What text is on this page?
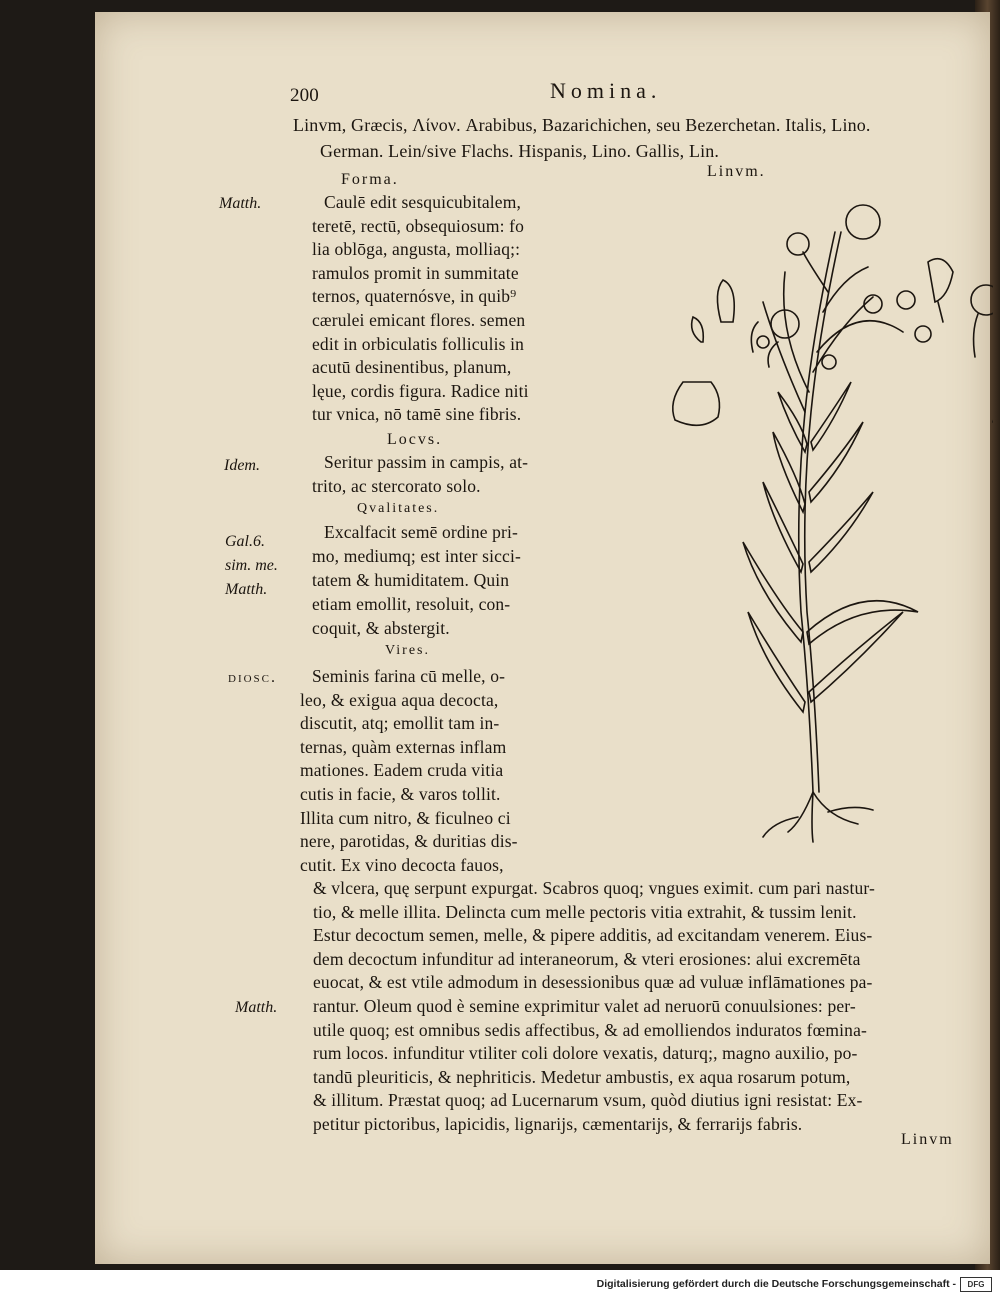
200	Nomina.
Linvm, Græcis, Λίνον. Arabibus, Bazarichichen, seu Bezerchetan. Italis, Lino.
German. Lein/sive Flachs. Hispanis, Lino. Gallis, Lin.
Forma.	Linvm.
Matth.
Idem.
Gal.6.
sim. me.
Matth.
diosc.
Matth.
Caulē edit sesquicubitalem,
teretē, rectū, obsequiosum: fo
lia oblōga, angusta, molliaq;:
ramulos promit in summitate
ternos, quaternósve, in quib⁹
cærulei emicant flores. semen
edit in orbiculatis folliculis in
acutū desinentibus, planum,
lęue, cordis figura. Radice niti
tur vnica, nō tamē sine fibris.
Locvs.
Seritur passim in campis, at-
trito, ac stercorato solo.
Qvalitates.
Excalfacit semē ordine pri-
mo, mediumq; est inter sicci-
tatem & humiditatem. Quin
etiam emollit, resoluit, con-
coquit, & abstergit.
Vires.
Seminis farina cū melle, o-
leo, & exigua aqua decocta,
discutit, atq; emollit tam in-
ternas, quàm externas inflam
mationes. Eadem cruda vitia
cutis in facie, & varos tollit.
Illita cum nitro, & ficulneo ci
nere, parotidas, & duritias dis-
cutit. Ex vino decocta fauos,
& vlcera, quę serpunt expurgat. Scabros quoq; vngues eximit. cum pari nastur-
tio, & melle illita. Delincta cum melle pectoris vitia extrahit, & tussim lenit.
Estur decoctum semen, melle, & pipere additis, ad excitandam venerem. Eius-
dem decoctum infunditur ad interaneorum, & vteri erosiones: alui excremēta
euocat, & est vtile admodum in desessionibus quæ ad vuluæ inflāmationes pa-
rantur. Oleum quod è semine exprimitur valet ad neruorū conuulsiones: per-
utile quoq; est omnibus sedis affectibus, & ad emolliendos induratos fœmina-
rum locos. infunditur vtiliter coli dolore vexatis, daturq;, magno auxilio, po-
tandū pleuriticis, & nephriticis. Medetur ambustis, ex aqua rosarum potum,
& illitum. Præstat quoq; ad Lucernarum vsum, quòd diutius igni resistat: Ex-
petitur pictoribus, lapicidis, lignarijs, cæmentarijs, & ferrarijs fabris.
Linvm
Digitalisierung gefördert durch die Deutsche Forschungsgemeinschaft -	DFG
